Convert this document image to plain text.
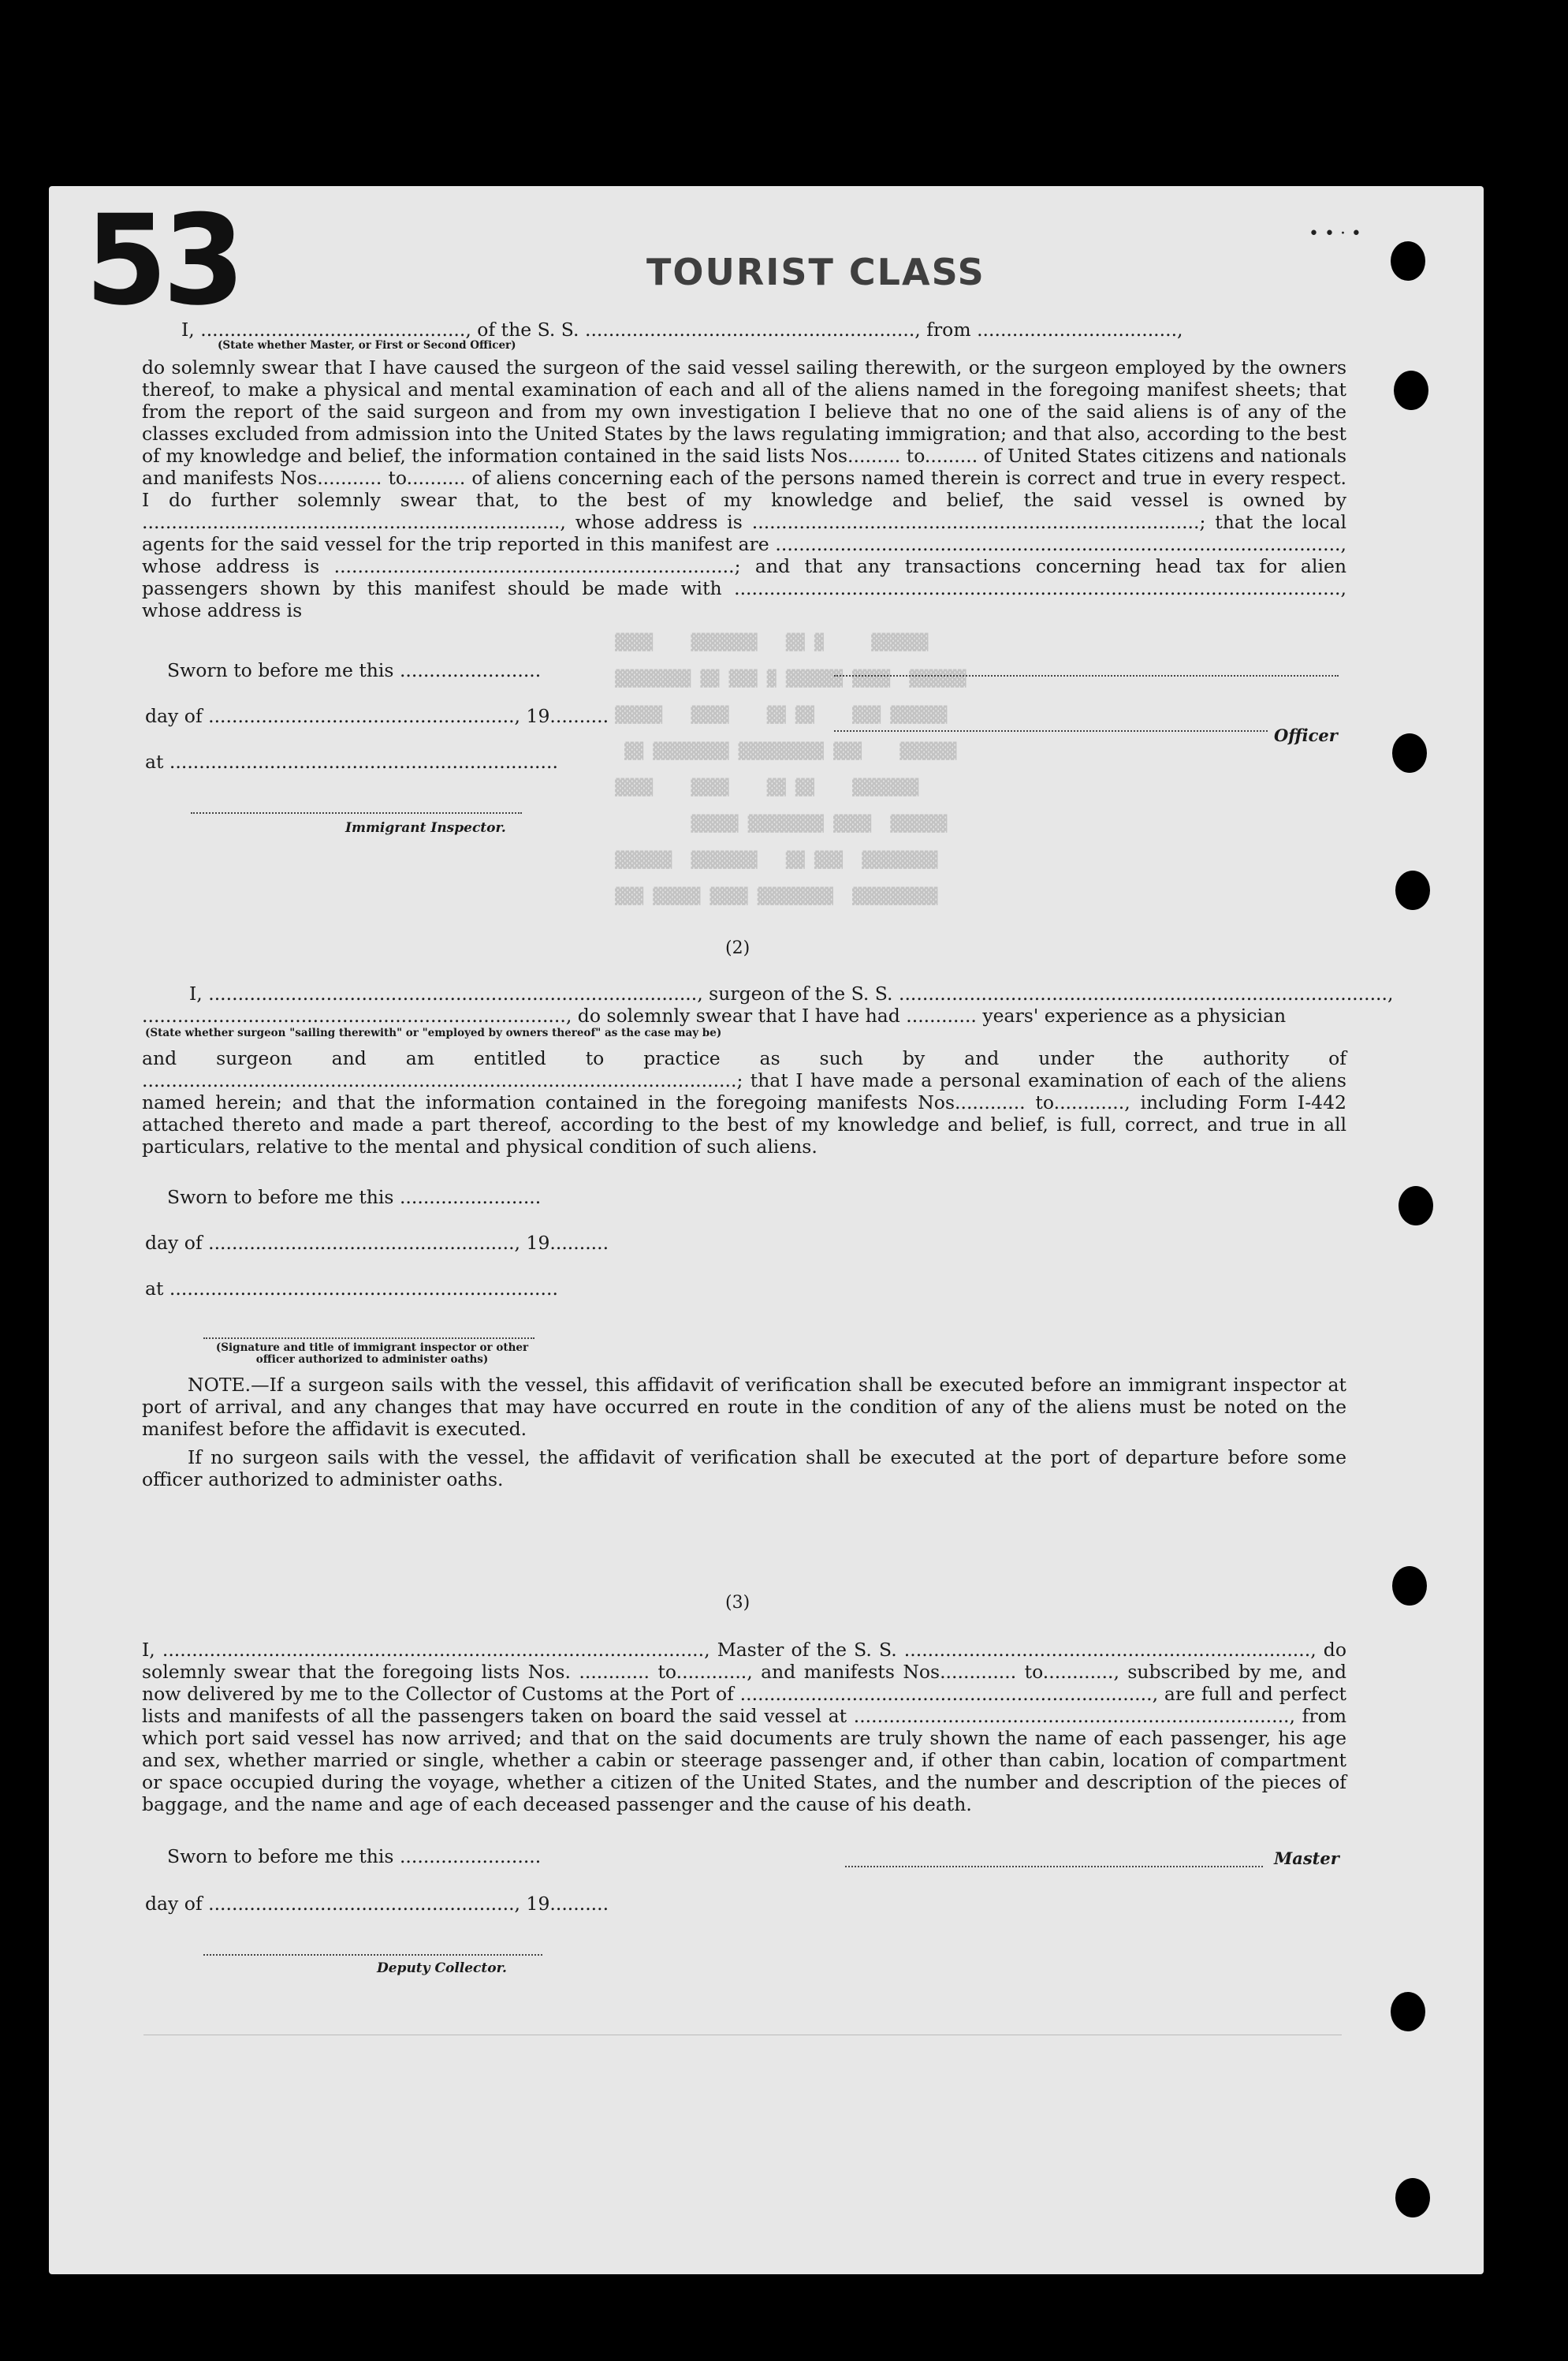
53	TOURIST CLASS

▓▓▓▓    ▓▓▓▓▓▓▓   ▓▓ ▓     ▓▓▓▓▓▓
▓▓▓▓▓▓▓▓ ▓▓ ▓▓▓ ▓ ▓▓▓▓▓▓ ▓▓▓▓  ▓▓▓▓▓▓
▓▓▓▓▓   ▓▓▓▓    ▓▓ ▓▓    ▓▓▓ ▓▓▓▓▓▓
▓▓ ▓▓▓▓▓▓▓▓ ▓▓▓▓▓▓▓▓▓ ▓▓▓    ▓▓▓▓▓▓
▓▓▓▓    ▓▓▓▓    ▓▓ ▓▓    ▓▓▓▓▓▓▓
▓▓▓▓▓ ▓▓▓▓▓▓▓▓ ▓▓▓▓  ▓▓▓▓▓▓
▓▓▓▓▓▓  ▓▓▓▓▓▓▓   ▓▓ ▓▓▓  ▓▓▓▓▓▓▓▓
▓▓▓ ▓▓▓▓▓ ▓▓▓▓ ▓▓▓▓▓▓▓▓  ▓▓▓▓▓▓▓▓▓
• • · •
I, ............................................., of the S. S. ........................................................, from ..................................,
(State whether Master, or First or Second Officer)
do solemnly swear that I have caused the surgeon of the said vessel sailing therewith, or the surgeon employed by the owners thereof, to make a physical and mental examination of each and all of the aliens named in the foregoing manifest sheets; that from the report of the said surgeon and from my own investigation I believe that no one of the said aliens is of any of the classes excluded from admission into the United States by the laws regulating immigration; and that also, according to the best of my knowledge and belief, the information contained in the said lists Nos......... to......... of United States citizens and nationals and manifests Nos........... to.......... of aliens concerning each of the persons named therein is correct and true in every respect. I do further solemnly swear that, to the best of my knowledge and belief, the said vessel is owned by ......................................................................., whose address is ............................................................................; that the local agents for the said vessel for the trip reported in this manifest are ................................................................................................, whose address is ....................................................................; and that any transactions concerning head tax for alien passengers shown by this manifest should be made with ......................................................................................................., whose address is
Sworn to before me this ........................
day of ...................................................., 19..........
Officer
at ..................................................................
Immigrant Inspector.
(2)
I, ..................................................................................., surgeon of the S. S. ...................................................................................,
........................................................................, do solemnly swear that I have had ............ years' experience as a physician
(State whether surgeon "sailing therewith" or "employed by owners thereof" as the case may be)
and surgeon and am entitled to practice as such by and under the authority of .....................................................................................................; that I have made a personal examination of each of the aliens named herein; and that the information contained in the foregoing manifests Nos............ to............, including Form I-442 attached thereto and made a part thereof, according to the best of my knowledge and belief, is full, correct, and true in all particulars, relative to the mental and physical condition of such aliens.
Sworn to before me this ........................
day of ...................................................., 19..........
at ..................................................................
(Signature and title of immigrant inspector or other officer authorized to administer oaths)
NOTE.—If a surgeon sails with the vessel, this affidavit of verification shall be executed before an immigrant inspector at port of arrival, and any changes that may have occurred en route in the condition of any of the aliens must be noted on the manifest before the affidavit is executed.
If no surgeon sails with the vessel, the affidavit of verification shall be executed at the port of departure before some officer authorized to administer oaths.
(3)
I, ............................................................................................, Master of the S. S. ....................................................................., do solemnly swear that the foregoing lists Nos. ............ to............, and manifests Nos............. to............, subscribed by me, and now delivered by me to the Collector of Customs at the Port of ......................................................................, are full and perfect lists and manifests of all the passengers taken on board the said vessel at .........................................................................., from which port said vessel has now arrived; and that on the said documents are truly shown the name of each passenger, his age and sex, whether married or single, whether a cabin or steerage passenger and, if other than cabin, location of compartment or space occupied during the voyage, whether a citizen of the United States, and the number and description of the pieces of baggage, and the name and age of each deceased passenger and the cause of his death.
Sworn to before me this ........................	Master
day of ...................................................., 19..........
Deputy Collector.
